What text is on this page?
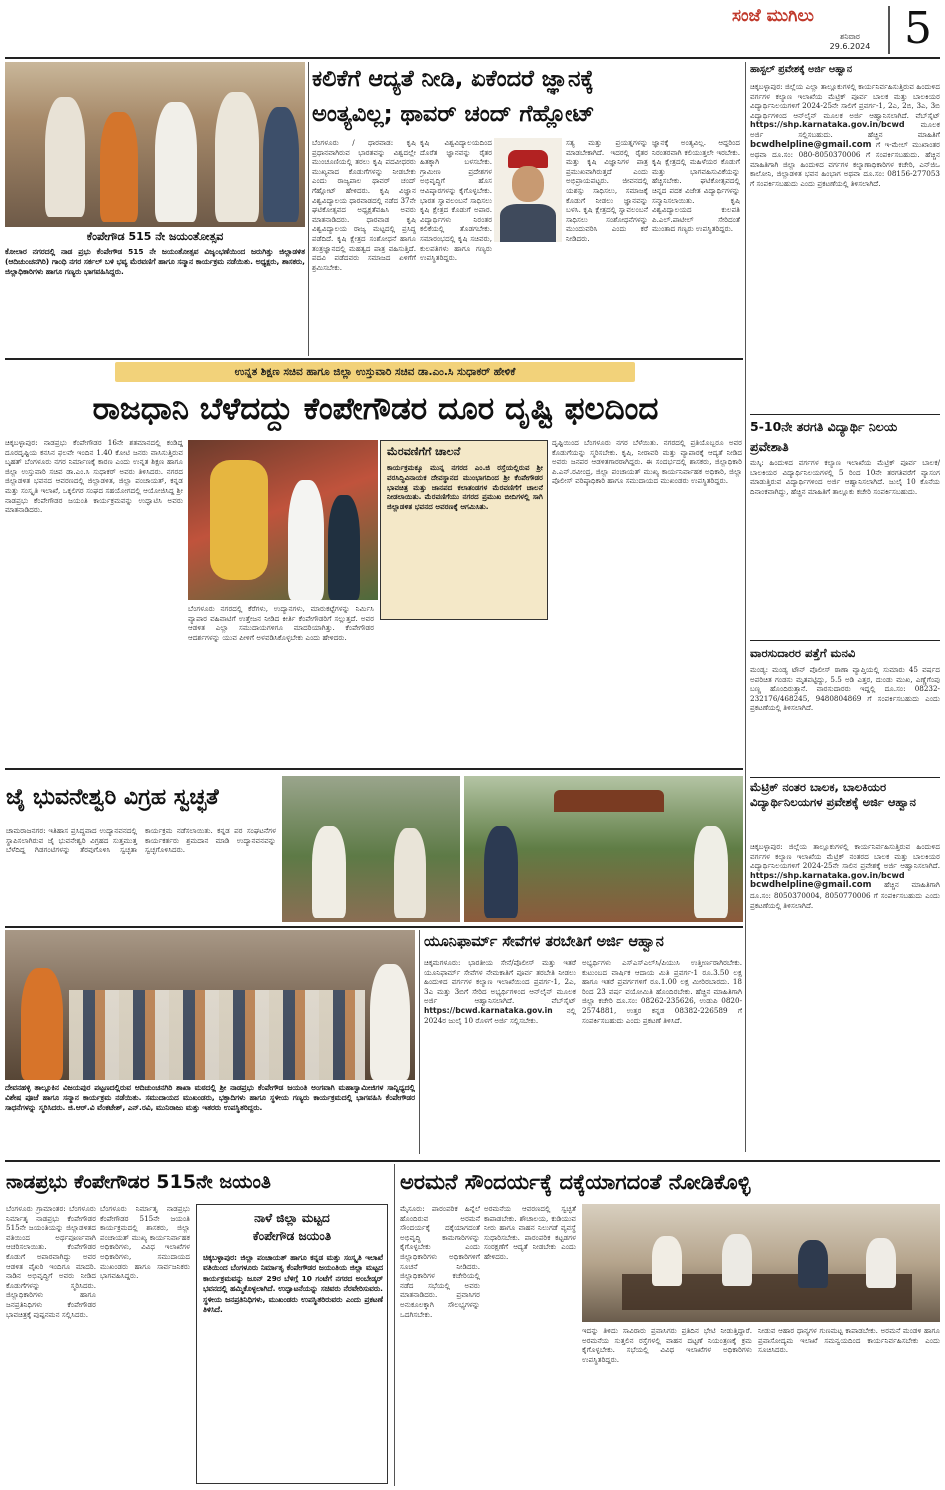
ಸಂಜೆ ಮುಗಿಲು
ಶನಿವಾರ
29.6.2024 5
ಕೆಂಪೇಗೌಡ 515 ನೇ ಜಯಂತೋತ್ಸವ
ಕೋಲಾರ ನಗರದಲ್ಲಿ ನಾಡ ಪ್ರಭು ಕೆಂಪೇಗೌಡ 515 ನೇ ಜಯಂತೋತ್ಸವ ವಿಜೃಂಭಣೆಯಿಂದ ಜರುಗಿತ್ತು ಜಿಲ್ಲಾಡಳಿತ (ಆದಿಚುಂಚನಗಿರಿ) ಗಾಂಧಿ ನಗರ ಸರ್ಕಲ್ ಬಳಿ ಭವ್ಯ ಮೆರವಣಿಗೆ ಹಾಗೂ ಸನ್ಮಾನ ಕಾರ್ಯಕ್ರಮ ನಡೆಯಿತು. ಅಧ್ಯಕ್ಷರು, ಶಾಸಕರು, ಜಿಲ್ಲಾಧಿಕಾರಿಗಳು ಹಾಗೂ ಗಣ್ಯರು ಭಾಗವಹಿಸಿದ್ದರು.
ಕಲಿಕೆಗೆ ಆದ್ಯತೆ ನೀಡಿ, ಏಕೆಂದರೆ ಜ್ಞಾನಕ್ಕೆ
ಅಂತ್ಯವಿಲ್ಲ; ಥಾವರ್ ಚಂದ್ ಗೆಹ್ಲೋಟ್
ಬೆಂಗಳೂರು / ಧಾರವಾಡ: ಕೃಷಿ ಪ್ರಧಾನವಾಗಿರುವ ಭಾರತವನ್ನು ವಿಶ್ವದಲ್ಲೇ ಮುಂಚೂಣಿಯಲ್ಲಿ ತರಲು ಕೃಷಿ ಪದವೀಧರರು ಮುಖ್ಯವಾದ ಕೊಡುಗೆಗಳನ್ನು ನೀಡಬೇಕು ಎಂದು ರಾಜ್ಯಪಾಲ ಥಾವರ್ ಚಂದ್ ಗೆಹ್ಲೋಟ್ ಹೇಳಿದರು. ಕೃಷಿ ವಿಜ್ಞಾನ ವಿಶ್ವವಿದ್ಯಾಲಯ ಧಾರವಾಡದಲ್ಲಿ ನಡೆದ 37ನೇ ಘಟಿಕೋತ್ಸವದ ಅಧ್ಯಕ್ಷತೆವಹಿಸಿ ಅವರು ಮಾತನಾಡಿದರು. ಧಾರವಾಡ ಕೃಷಿ ವಿಶ್ವವಿದ್ಯಾಲಯ ರಾಜ್ಯ ಮಟ್ಟದಲ್ಲಿ ಪ್ರಸಿದ್ಧ ಪಡೆದಿದೆ. ಕೃಷಿ ಕ್ಷೇತ್ರದ ಸಂಶೋಧನೆ ಹಾಗೂ ತಂತ್ರಜ್ಞಾನದಲ್ಲಿ ಮಹತ್ವದ ಪಾತ್ರ ವಹಿಸುತ್ತಿದೆ. ಪದವಿ ಪಡೆದವರು ಸಮಾಜದ ಏಳಿಗೆಗೆ ಶ್ರಮಿಸಬೇಕು.
ಕೃಷಿ ವಿಶ್ವವಿದ್ಯಾಲಯದಿಂದ ದೊರೆತ ಜ್ಞಾನವನ್ನು ರೈತರ ಹಿತಕ್ಕಾಗಿ ಬಳಸಬೇಕು. ಗ್ರಾಮೀಣ ಪ್ರದೇಶಗಳ ಅಭಿವೃದ್ಧಿಗೆ ಹೊಸ ಆವಿಷ್ಕಾರಗಳನ್ನು ಕೈಗೊಳ್ಳಬೇಕು. ಭಾರತ ಸ್ವಾವಲಂಬನೆ ಸಾಧಿಸಲು ಕೃಷಿ ಕ್ಷೇತ್ರದ ಕೊಡುಗೆ ಅಪಾರ. ವಿದ್ಯಾರ್ಥಿಗಳು ನಿರಂತರ ಕಲಿಕೆಯಲ್ಲಿ ತೊಡಗಬೇಕು. ಸಮಾರಂಭದಲ್ಲಿ ಕೃಷಿ ಸಚಿವರು, ಕುಲಪತಿಗಳು ಹಾಗೂ ಗಣ್ಯರು ಉಪಸ್ಥಿತರಿದ್ದರು.
ಸತ್ಯ ಮತ್ತು ಪ್ರಯತ್ನಗಳನ್ನು ಮಾಡಬೇಕಾಗಿದೆ. ಇದರಲ್ಲಿ ರೈತರ ಮತ್ತು ಕೃಷಿ ವಿಜ್ಞಾನಿಗಳ ಪಾತ್ರ ಪ್ರಮುಖವಾಗಿರುತ್ತದೆ ಎಂದು ಅಭಿಪ್ರಾಯಪಟ್ಟರು. ಜೀವನದಲ್ಲಿ ಯಶಸ್ಸು ಸಾಧಿಸಲು, ಸಮಾಜಕ್ಕೆ ಕೊಡುಗೆ ನೀಡಲು ಜ್ಞಾನವನ್ನು ಬಳಸಿ. ಕೃಷಿ ಕ್ಷೇತ್ರದಲ್ಲಿ ಸ್ವಾವಲಂಬನೆ ಸಾಧಿಸಲು ಸಂಶೋಧನೆಗಳನ್ನು ಮುಂದುವರಿಸಿ ಎಂದು ಕರೆ ನೀಡಿದರು.
ಜ್ಞಾನಕ್ಕೆ ಅಂತ್ಯವಿಲ್ಲ. ಆದ್ದರಿಂದ ನಿರಂತರವಾಗಿ ಕಲಿಯುತ್ತಲೇ ಇರಬೇಕು. ಕೃಷಿ ಕ್ಷೇತ್ರದಲ್ಲಿ ಮಹಿಳೆಯರ ಕೊಡುಗೆ ಮತ್ತು ಭಾಗವಹಿಸುವಿಕೆಯನ್ನು ಹೆಚ್ಚಿಸಬೇಕು. ಘಟಿಕೋತ್ಸವದಲ್ಲಿ ಚಿನ್ನದ ಪದಕ ವಿಜೇತ ವಿದ್ಯಾರ್ಥಿಗಳನ್ನು ಸನ್ಮಾನಿಸಲಾಯಿತು. ಕೃಷಿ ವಿಶ್ವವಿದ್ಯಾಲಯದ ಕುಲಪತಿ ಪಿ.ಎಲ್.ಪಾಟೀಲ್ ಸೇರಿದಂತೆ ಮುಂತಾದ ಗಣ್ಯರು ಉಪಸ್ಥಿತರಿದ್ದರು.
ಹಾಸ್ಟಲ್ ಪ್ರವೇಶಕ್ಕೆ ಅರ್ಜಿ ಆಹ್ವಾನ
ಚಿಕ್ಕಬಳ್ಳಾಪುರ: ಜಿಲ್ಲೆಯ ಎಲ್ಲಾ ತಾಲ್ಲೂಕುಗಳಲ್ಲಿ ಕಾರ್ಯನಿರ್ವಹಿಸುತ್ತಿರುವ ಹಿಂದುಳಿದ ವರ್ಗಗಳ ಕಲ್ಯಾಣ ಇಲಾಖೆಯ ಮೆಟ್ರಿಕ್ ಪೂರ್ವ ಬಾಲಕ ಮತ್ತು ಬಾಲಕಿಯರ ವಿದ್ಯಾರ್ಥಿನಿಲಯಗಳಿಗೆ 2024-25ನೇ ಸಾಲಿಗೆ ಪ್ರವರ್ಗ-1, 2ಎ, 2ಬಿ, 3ಎ, 3ಬಿ ವಿದ್ಯಾರ್ಥಿಗಳಿಂದ ಆನ್‌ಲೈನ್ ಮೂಲಕ ಅರ್ಜಿ ಆಹ್ವಾನಿಸಲಾಗಿದೆ. ವೆಬ್‌ಸೈಟ್ https://shp.karnataka.gov.in/bcwd ಮೂಲಕ ಅರ್ಜಿ ಸಲ್ಲಿಸಬಹುದು. ಹೆಚ್ಚಿನ ಮಾಹಿತಿಗೆ bcwdhelpline@gmail.com ಗೆ ಇ-ಮೇಲ್ ಮುಖಾಂತರ ಅಥವಾ ದೂ.ಸಂ: 080-8050370006 ಗೆ ಸಂಪರ್ಕಿಸಬಹುದು. ಹೆಚ್ಚಿನ ಮಾಹಿತಿಗಾಗಿ ಜಿಲ್ಲಾ ಹಿಂದುಳಿದ ವರ್ಗಗಳ ಕಲ್ಯಾಣಾಧಿಕಾರಿಗಳ ಕಚೇರಿ, ಎನ್‌ಜಿಒ ಕಾಲೋನಿ, ಜಿಲ್ಲಾಡಳಿತ ಭವನ ಹಿಂಭಾಗ ಅಥವಾ ದೂ.ಸಂ: 08156-277053 ಗೆ ಸಂಪರ್ಕಿಸಬಹುದು ಎಂದು ಪ್ರಕಟಣೆಯಲ್ಲಿ ತಿಳಿಸಲಾಗಿದೆ.
ಉನ್ನತ ಶಿಕ್ಷಣ ಸಚಿವ ಹಾಗೂ ಜಿಲ್ಲಾ ಉಸ್ತುವಾರಿ ಸಚಿವ ಡಾ.ಎಂ.ಸಿ ಸುಧಾಕರ್ ಹೇಳಿಕೆ
ರಾಜಧಾನಿ ಬೆಳೆದದ್ದು ಕೆಂಪೇಗೌಡರ ದೂರ ದೃಷ್ಟಿ ಫಲದಿಂದ
ಚಿಕ್ಕಬಳ್ಳಾಪುರ: ನಾಡಪ್ರಭು ಕೆಂಪೇಗೌಡರ 16ನೇ ಶತಮಾನದಲ್ಲಿ ಕಂಡಿದ್ದ ದೂರದೃಷ್ಟಿಯ ಕನಸಿನ ಫಲವೇ ಇಂದಿನ 1.40 ಕೋಟಿ ಜನರು ವಾಸಿಸುತ್ತಿರುವ ಬೃಹತ್ ಬೆಂಗಳೂರು ನಗರ ನಿರ್ಮಾಣಕ್ಕೆ ಕಾರಣ ಎಂದು ಉನ್ನತ ಶಿಕ್ಷಣ ಹಾಗೂ ಜಿಲ್ಲಾ ಉಸ್ತುವಾರಿ ಸಚಿವ ಡಾ.ಎಂ.ಸಿ ಸುಧಾಕರ್ ಅವರು ತಿಳಿಸಿದರು. ನಗರದ ಜಿಲ್ಲಾಡಳಿತ ಭವನದ ಆವರಣದಲ್ಲಿ ಜಿಲ್ಲಾಡಳಿತ, ಜಿಲ್ಲಾ ಪಂಚಾಯತ್, ಕನ್ನಡ ಮತ್ತು ಸಂಸ್ಕೃತಿ ಇಲಾಖೆ, ಒಕ್ಕಲಿಗರ ಸಂಘದ ಸಹಯೋಗದಲ್ಲಿ ಆಯೋಜಿಸಿದ್ದ ಶ್ರೀ ನಾಡಪ್ರಭು ಕೆಂಪೇಗೌಡರ ಜಯಂತಿ ಕಾರ್ಯಕ್ರಮವನ್ನು ಉದ್ಘಾಟಿಸಿ ಅವರು ಮಾತನಾಡಿದರು.
ಬೆಂಗಳೂರು ನಗರದಲ್ಲಿ ಕೆರೆಗಳು, ಉದ್ಯಾನಗಳು, ಮಾರುಕಟ್ಟೆಗಳನ್ನು ನಿರ್ಮಿಸಿ ವ್ಯಾಪಾರ ವಹಿವಾಟಿಗೆ ಉತ್ತೇಜನ ನೀಡಿದ ಕೀರ್ತಿ ಕೆಂಪೇಗೌಡರಿಗೆ ಸಲ್ಲುತ್ತದೆ. ಅವರ ಆಡಳಿತ ಎಲ್ಲಾ ಸಮುದಾಯಗಳಿಗೂ ಮಾದರಿಯಾಗಿತ್ತು. ಕೆಂಪೇಗೌಡರ ಆದರ್ಶಗಳನ್ನು ಯುವ ಪೀಳಿಗೆ ಅಳವಡಿಸಿಕೊಳ್ಳಬೇಕು ಎಂದು ಹೇಳಿದರು.
ಮೆರವಣಿಗೆಗೆ ಚಾಲನೆ
ಕಾರ್ಯಕ್ರಮಕ್ಕೂ ಮುನ್ನ ನಗರದ ಎಂ.ಜಿ ರಸ್ತೆಯಲ್ಲಿರುವ ಶ್ರೀ ವರಸಿದ್ಧಿವಿನಾಯಕ ದೇವಸ್ಥಾನದ ಮುಂಭಾಗದಿಂದ ಶ್ರೀ ಕೆಂಪೇಗೌಡರ ಭಾವಚಿತ್ರ ಮತ್ತು ಜಾನಪದ ಕಲಾತಂಡಗಳ ಮೆರವಣಿಗೆಗೆ ಚಾಲನೆ ನೀಡಲಾಯಿತು. ಮೆರವಣಿಗೆಯು ನಗರದ ಪ್ರಮುಖ ಬೀದಿಗಳಲ್ಲಿ ಸಾಗಿ ಜಿಲ್ಲಾಡಳಿತ ಭವನದ ಆವರಣಕ್ಕೆ ಆಗಮಿಸಿತು.
ದೃಷ್ಟಿಯಿಂದ ಬೆಂಗಳೂರು ನಗರ ಬೆಳೆಯಿತು. ನಗರದಲ್ಲಿ ಪ್ರತಿಯೊಬ್ಬರೂ ಅವರ ಕೊಡುಗೆಯನ್ನು ಸ್ಮರಿಸಬೇಕು. ಕೃಷಿ, ನೀರಾವರಿ ಮತ್ತು ವ್ಯಾಪಾರಕ್ಕೆ ಆದ್ಯತೆ ನೀಡಿದ ಅವರು ಜನಪರ ಆಡಳಿತಗಾರರಾಗಿದ್ದರು. ಈ ಸಂದರ್ಭದಲ್ಲಿ ಶಾಸಕರು, ಜಿಲ್ಲಾಧಿಕಾರಿ ಪಿ.ಎನ್.ರವೀಂದ್ರ, ಜಿಲ್ಲಾ ಪಂಚಾಯತ್ ಮುಖ್ಯ ಕಾರ್ಯನಿರ್ವಾಹಕ ಅಧಿಕಾರಿ, ಜಿಲ್ಲಾ ಪೊಲೀಸ್ ವರಿಷ್ಠಾಧಿಕಾರಿ ಹಾಗೂ ಸಮುದಾಯದ ಮುಖಂಡರು ಉಪಸ್ಥಿತರಿದ್ದರು.
5-10ನೇ ತರಗತಿ ವಿದ್ಯಾರ್ಥಿ ನಿಲಯ ಪ್ರವೇಶಾತಿ
ಮಸ್ಕಿ: ಹಿಂದುಳಿದ ವರ್ಗಗಳ ಕಲ್ಯಾಣ ಇಲಾಖೆಯ ಮೆಟ್ರಿಕ್ ಪೂರ್ವ ಬಾಲಕ/ಬಾಲಕಿಯರ ವಿದ್ಯಾರ್ಥಿನಿಲಯಗಳಲ್ಲಿ 5 ರಿಂದ 10ನೇ ತರಗತಿವರೆಗೆ ವ್ಯಾಸಂಗ ಮಾಡುತ್ತಿರುವ ವಿದ್ಯಾರ್ಥಿಗಳಿಂದ ಅರ್ಜಿ ಆಹ್ವಾನಿಸಲಾಗಿದೆ. ಜುಲೈ 10 ಕೊನೆಯ ದಿನಾಂಕವಾಗಿದ್ದು, ಹೆಚ್ಚಿನ ಮಾಹಿತಿಗೆ ತಾಲ್ಲೂಕು ಕಚೇರಿ ಸಂಪರ್ಕಿಸಬಹುದು.
ವಾರಸುದಾರರ ಪತ್ತೆಗೆ ಮನವಿ
ಮಂಡ್ಯ: ಮಂಡ್ಯ ಟೌನ್ ಪೊಲೀಸ್ ಠಾಣಾ ವ್ಯಾಪ್ತಿಯಲ್ಲಿ ಸುಮಾರು 45 ವರ್ಷದ ಅಪರಿಚಿತ ಗಂಡಸು ಮೃತಪಟ್ಟಿದ್ದು, 5.5 ಅಡಿ ಎತ್ತರ, ದುಂಡು ಮುಖ, ಎಣ್ಣೆಗೆಂಪು ಬಣ್ಣ ಹೊಂದಿರುತ್ತಾನೆ. ವಾರಸುದಾರರು ಇದ್ದಲ್ಲಿ ದೂ.ಸಂ: 08232-232176/468245, 9480804869 ಗೆ ಸಂಪರ್ಕಿಸಬಹುದು ಎಂದು ಪ್ರಕಟಣೆಯಲ್ಲಿ ತಿಳಿಸಲಾಗಿದೆ.
ಮೆಟ್ರಿಕ್ ನಂತರ ಬಾಲಕ, ಬಾಲಕಿಯರ ವಿದ್ಯಾರ್ಥಿನಿಲಯಗಳ ಪ್ರವೇಶಕ್ಕೆ ಅರ್ಜಿ ಆಹ್ವಾನ
ಚಿಕ್ಕಬಳ್ಳಾಪುರ: ಜಿಲ್ಲೆಯ ತಾಲ್ಲೂಕುಗಳಲ್ಲಿ ಕಾರ್ಯನಿರ್ವಹಿಸುತ್ತಿರುವ ಹಿಂದುಳಿದ ವರ್ಗಗಳ ಕಲ್ಯಾಣ ಇಲಾಖೆಯ ಮೆಟ್ರಿಕ್ ನಂತರದ ಬಾಲಕ ಮತ್ತು ಬಾಲಕಿಯರ ವಿದ್ಯಾರ್ಥಿನಿಲಯಗಳಿಗೆ 2024-25ನೇ ಸಾಲಿನ ಪ್ರವೇಶಕ್ಕೆ ಅರ್ಜಿ ಆಹ್ವಾನಿಸಲಾಗಿದೆ. https://shp.karnataka.gov.in/bcwd bcwdhelpline@gmail.com ಹೆಚ್ಚಿನ ಮಾಹಿತಿಗಾಗಿ ದೂ.ಸಂ: 8050370004, 8050770006 ಗೆ ಸಂಪರ್ಕಿಸಬಹುದು ಎಂದು ಪ್ರಕಟಣೆಯಲ್ಲಿ ತಿಳಿಸಲಾಗಿದೆ.
ಜೈ ಭುವನೇಶ್ವರಿ ವಿಗ್ರಹ ಸ್ವಚ್ಛತೆ
ಚಾಮರಾಜನಗರ: ಇತಿಹಾಸ ಪ್ರಸಿದ್ಧವಾದ ಉದ್ಯಾನವನದಲ್ಲಿ ಸ್ಥಾಪಿಸಲಾಗಿರುವ ಜೈ ಭುವನೇಶ್ವರಿ ವಿಗ್ರಹದ ಸುತ್ತಮುತ್ತ ಬೆಳೆದಿದ್ದ ಗಿಡಗಂಟಿಗಳನ್ನು ತೆರವುಗೊಳಿಸಿ ಸ್ವಚ್ಛತಾ ಕಾರ್ಯಕ್ರಮ ನಡೆಸಲಾಯಿತು. ಕನ್ನಡ ಪರ ಸಂಘಟನೆಗಳ ಕಾರ್ಯಕರ್ತರು ಶ್ರಮದಾನ ಮಾಡಿ ಉದ್ಯಾನವನವನ್ನು ಸ್ವಚ್ಛಗೊಳಿಸಿದರು.
ದೇವನಹಳ್ಳಿ ತಾಲ್ಲೂಕಿನ ವಿಜಯಪುರ ಪಟ್ಟಣದಲ್ಲಿರುವ ಆದಿಚುಂಚನಗಿರಿ ಶಾಖಾ ಮಠದಲ್ಲಿ ಶ್ರೀ ನಾಡಪ್ರಭು ಕೆಂಪೇಗೌಡ ಜಯಂತಿ ಅಂಗವಾಗಿ ಮಹಾಸ್ವಾಮೀಜಿಗಳ ಸಾನ್ನಿಧ್ಯದಲ್ಲಿ ವಿಶೇಷ ಪೂಜೆ ಹಾಗೂ ಸನ್ಮಾನ ಕಾರ್ಯಕ್ರಮ ನಡೆಯಿತು. ಸಮುದಾಯದ ಮುಖಂಡರು, ಭಕ್ತಾದಿಗಳು ಹಾಗೂ ಸ್ಥಳೀಯ ಗಣ್ಯರು ಕಾರ್ಯಕ್ರಮದಲ್ಲಿ ಭಾಗವಹಿಸಿ ಕೆಂಪೇಗೌಡರ ಸಾಧನೆಗಳನ್ನು ಸ್ಮರಿಸಿದರು. ಜಿ.ಆರ್.ವಿ ವೆಂಕಟೇಶ್, ಎನ್.ರವಿ, ಮುನಿರಾಜು ಮತ್ತು ಇತರರು ಉಪಸ್ಥಿತರಿದ್ದರು.
ಯೂನಿಫಾರ್ಮ್ ಸೇವೆಗಳ ತರಬೇತಿಗೆ ಅರ್ಜಿ ಆಹ್ವಾನ
ಚಿಕ್ಕಮಗಳೂರು: ಭಾರತೀಯ ಸೇನೆ/ಪೊಲೀಸ್ ಮತ್ತು ಇತರೆ ಯೂನಿಫಾರ್ಮ್ ಸೇವೆಗಳ ನೇಮಕಾತಿಗೆ ಪೂರ್ವ ತರಬೇತಿ ನೀಡಲು ಹಿಂದುಳಿದ ವರ್ಗಗಳ ಕಲ್ಯಾಣ ಇಲಾಖೆಯಿಂದ ಪ್ರವರ್ಗ-1, 2ಎ, 3ಎ ಮತ್ತು 3ಬಿಗೆ ಸೇರಿದ ಅಭ್ಯರ್ಥಿಗಳಿಂದ ಆನ್‌ಲೈನ್ ಮೂಲಕ ಅರ್ಜಿ ಆಹ್ವಾನಿಸಲಾಗಿದೆ. ವೆಬ್‌ಸೈಟ್ https://bcwd.karnataka.gov.in ನಲ್ಲಿ 2024ರ ಜುಲೈ 10 ರೊಳಗೆ ಅರ್ಜಿ ಸಲ್ಲಿಸಬೇಕು.
ಅಭ್ಯರ್ಥಿಗಳು ಎಸ್‌ಎಸ್‌ಎಲ್‌ಸಿ/ಪಿಯುಸಿ ಉತ್ತೀರ್ಣರಾಗಿರಬೇಕು. ಕುಟುಂಬದ ವಾರ್ಷಿಕ ಆದಾಯ ಮಿತಿ ಪ್ರವರ್ಗ-1 ರೂ.3.50 ಲಕ್ಷ ಹಾಗೂ ಇತರೆ ಪ್ರವರ್ಗಗಳಿಗೆ ರೂ.1.00 ಲಕ್ಷ ಮೀರಿರಬಾರದು. 18 ರಿಂದ 23 ವರ್ಷ ವಯೋಮಿತಿ ಹೊಂದಿರಬೇಕು. ಹೆಚ್ಚಿನ ಮಾಹಿತಿಗಾಗಿ ಜಿಲ್ಲಾ ಕಚೇರಿ ದೂ.ಸಂ: 08262-235626, ಉಡುಪಿ 0820-2574881, ಉತ್ತರ ಕನ್ನಡ 08382-226589 ಗೆ ಸಂಪರ್ಕಿಸಬಹುದು ಎಂದು ಪ್ರಕಟಣೆ ತಿಳಿಸಿದೆ.
ನಾಡಪ್ರಭು ಕೆಂಪೇಗೌಡರ 515ನೇ ಜಯಂತಿ
ಬೆಂಗಳೂರು ಗ್ರಾಮಾಂತರ: ಬೆಂಗಳೂರು ನಿರ್ಮಾತೃ ನಾಡಪ್ರಭು ಕೆಂಪೇಗೌಡರ 515ನೇ ಜಯಂತಿಯನ್ನು ಜಿಲ್ಲಾಡಳಿತದ ವತಿಯಿಂದ ಅರ್ಥಪೂರ್ಣವಾಗಿ ಆಚರಿಸಲಾಯಿತು. ಕೆಂಪೇಗೌಡರ ಕೊಡುಗೆ ಅಪಾರವಾಗಿದ್ದು ಅವರ ಆಡಳಿತ ವೈಖರಿ ಇಂದಿಗೂ ಮಾದರಿ. ನಾಡಿನ ಅಭಿವೃದ್ಧಿಗೆ ಅವರು ನೀಡಿದ ಕೊಡುಗೆಗಳನ್ನು ಸ್ಮರಿಸಿದರು. ಜಿಲ್ಲಾಧಿಕಾರಿಗಳು ಹಾಗೂ ಜನಪ್ರತಿನಿಧಿಗಳು ಕೆಂಪೇಗೌಡರ ಭಾವಚಿತ್ರಕ್ಕೆ ಪುಷ್ಪನಮನ ಸಲ್ಲಿಸಿದರು.
ಬೆಂಗಳೂರು ನಿರ್ಮಾತೃ ನಾಡಪ್ರಭು ಕೆಂಪೇಗೌಡರ 515ನೇ ಜಯಂತಿ ಕಾರ್ಯಕ್ರಮದಲ್ಲಿ ಶಾಸಕರು, ಜಿಲ್ಲಾ ಪಂಚಾಯತ್ ಮುಖ್ಯ ಕಾರ್ಯನಿರ್ವಾಹಕ ಅಧಿಕಾರಿಗಳು, ವಿವಿಧ ಇಲಾಖೆಗಳ ಅಧಿಕಾರಿಗಳು, ಸಮುದಾಯದ ಮುಖಂಡರು ಹಾಗೂ ಸಾರ್ವಜನಿಕರು ಭಾಗವಹಿಸಿದ್ದರು.
ನಾಳೆ ಜಿಲ್ಲಾ ಮಟ್ಟದ
ಕೆಂಪೇಗೌಡ ಜಯಂತಿ
ಚಿಕ್ಕಬಳ್ಳಾಪುರ: ಜಿಲ್ಲಾ ಪಂಚಾಯತ್ ಹಾಗೂ ಕನ್ನಡ ಮತ್ತು ಸಂಸ್ಕೃತಿ ಇಲಾಖೆ ವತಿಯಿಂದ ಬೆಂಗಳೂರು ನಿರ್ಮಾತೃ ಕೆಂಪೇಗೌಡರ ಜಯಂತಿಯ ಜಿಲ್ಲಾ ಮಟ್ಟದ ಕಾರ್ಯಕ್ರಮವನ್ನು ಜೂನ್ 29ರ ಬೆಳಿಗ್ಗೆ 10 ಗಂಟೆಗೆ ನಗರದ ಅಂಬೇಡ್ಕರ್ ಭವನದಲ್ಲಿ ಹಮ್ಮಿಕೊಳ್ಳಲಾಗಿದೆ. ಉದ್ಘಾಟನೆಯನ್ನು ಸಚಿವರು ನೆರವೇರಿಸುವರು. ಸ್ಥಳೀಯ ಜನಪ್ರತಿನಿಧಿಗಳು, ಮುಖಂಡರು ಉಪಸ್ಥಿತರಿರುವರು ಎಂದು ಪ್ರಕಟಣೆ ತಿಳಿಸಿದೆ.
ಅರಮನೆ ಸೌಂದರ್ಯಕ್ಕೆ ದಕ್ಕೆಯಾಗದಂತೆ ನೋಡಿಕೊಳ್ಳಿ
ಮೈಸೂರು: ಪಾರಂಪರಿಕ ಹಿನ್ನೆಲೆ ಹೊಂದಿರುವ ಅರಮನೆ ಸೌಂದರ್ಯಕ್ಕೆ ದಕ್ಕೆಯಾಗದಂತೆ ಅಭಿವೃದ್ಧಿ ಕಾಮಗಾರಿಗಳನ್ನು ಕೈಗೊಳ್ಳಬೇಕು ಎಂದು ಜಿಲ್ಲಾಧಿಕಾರಿಗಳು ಅಧಿಕಾರಿಗಳಿಗೆ ಸೂಚನೆ ನೀಡಿದರು. ಜಿಲ್ಲಾಧಿಕಾರಿಗಳ ಕಚೇರಿಯಲ್ಲಿ ನಡೆದ ಸಭೆಯಲ್ಲಿ ಅವರು ಮಾತನಾಡಿದರು. ಪ್ರವಾಸಿಗರ ಅನುಕೂಲಕ್ಕಾಗಿ ಸೌಲಭ್ಯಗಳನ್ನು ಒದಗಿಸಬೇಕು.
ಅರಮನೆಯ ಆವರಣದಲ್ಲಿ ಸ್ವಚ್ಛತೆ ಕಾಪಾಡಬೇಕು. ಶೌಚಾಲಯ, ಕುಡಿಯುವ ನೀರು ಹಾಗೂ ವಾಹನ ನಿಲುಗಡೆ ವ್ಯವಸ್ಥೆ ಸುಧಾರಿಸಬೇಕು. ಪಾರಂಪರಿಕ ಕಟ್ಟಡಗಳ ಸಂರಕ್ಷಣೆಗೆ ಆದ್ಯತೆ ನೀಡಬೇಕು ಎಂದು ಹೇಳಿದರು.
ಇದನ್ನು ತಿಳಿದು ಸಾವಿರಾರು ಪ್ರವಾಸಿಗರು ಪ್ರತಿದಿನ ಭೇಟಿ ನೀಡುತ್ತಿದ್ದಾರೆ. ಅರಮನೆಯ ಸುತ್ತಲಿನ ರಸ್ತೆಗಳಲ್ಲಿ ವಾಹನ ದಟ್ಟಣೆ ನಿಯಂತ್ರಣಕ್ಕೆ ಕ್ರಮ ಕೈಗೊಳ್ಳಬೇಕು. ಸಭೆಯಲ್ಲಿ ವಿವಿಧ ಇಲಾಖೆಗಳ ಅಧಿಕಾರಿಗಳು ಉಪಸ್ಥಿತರಿದ್ದರು.
ನೀಡುವ ಆಹಾರ ಧಾನ್ಯಗಳ ಗುಣಮಟ್ಟ ಕಾಪಾಡಬೇಕು. ಅರಮನೆ ಮಂಡಳಿ ಹಾಗೂ ಪ್ರವಾಸೋದ್ಯಮ ಇಲಾಖೆ ಸಮನ್ವಯದಿಂದ ಕಾರ್ಯನಿರ್ವಹಿಸಬೇಕು ಎಂದು ಸೂಚಿಸಿದರು.
